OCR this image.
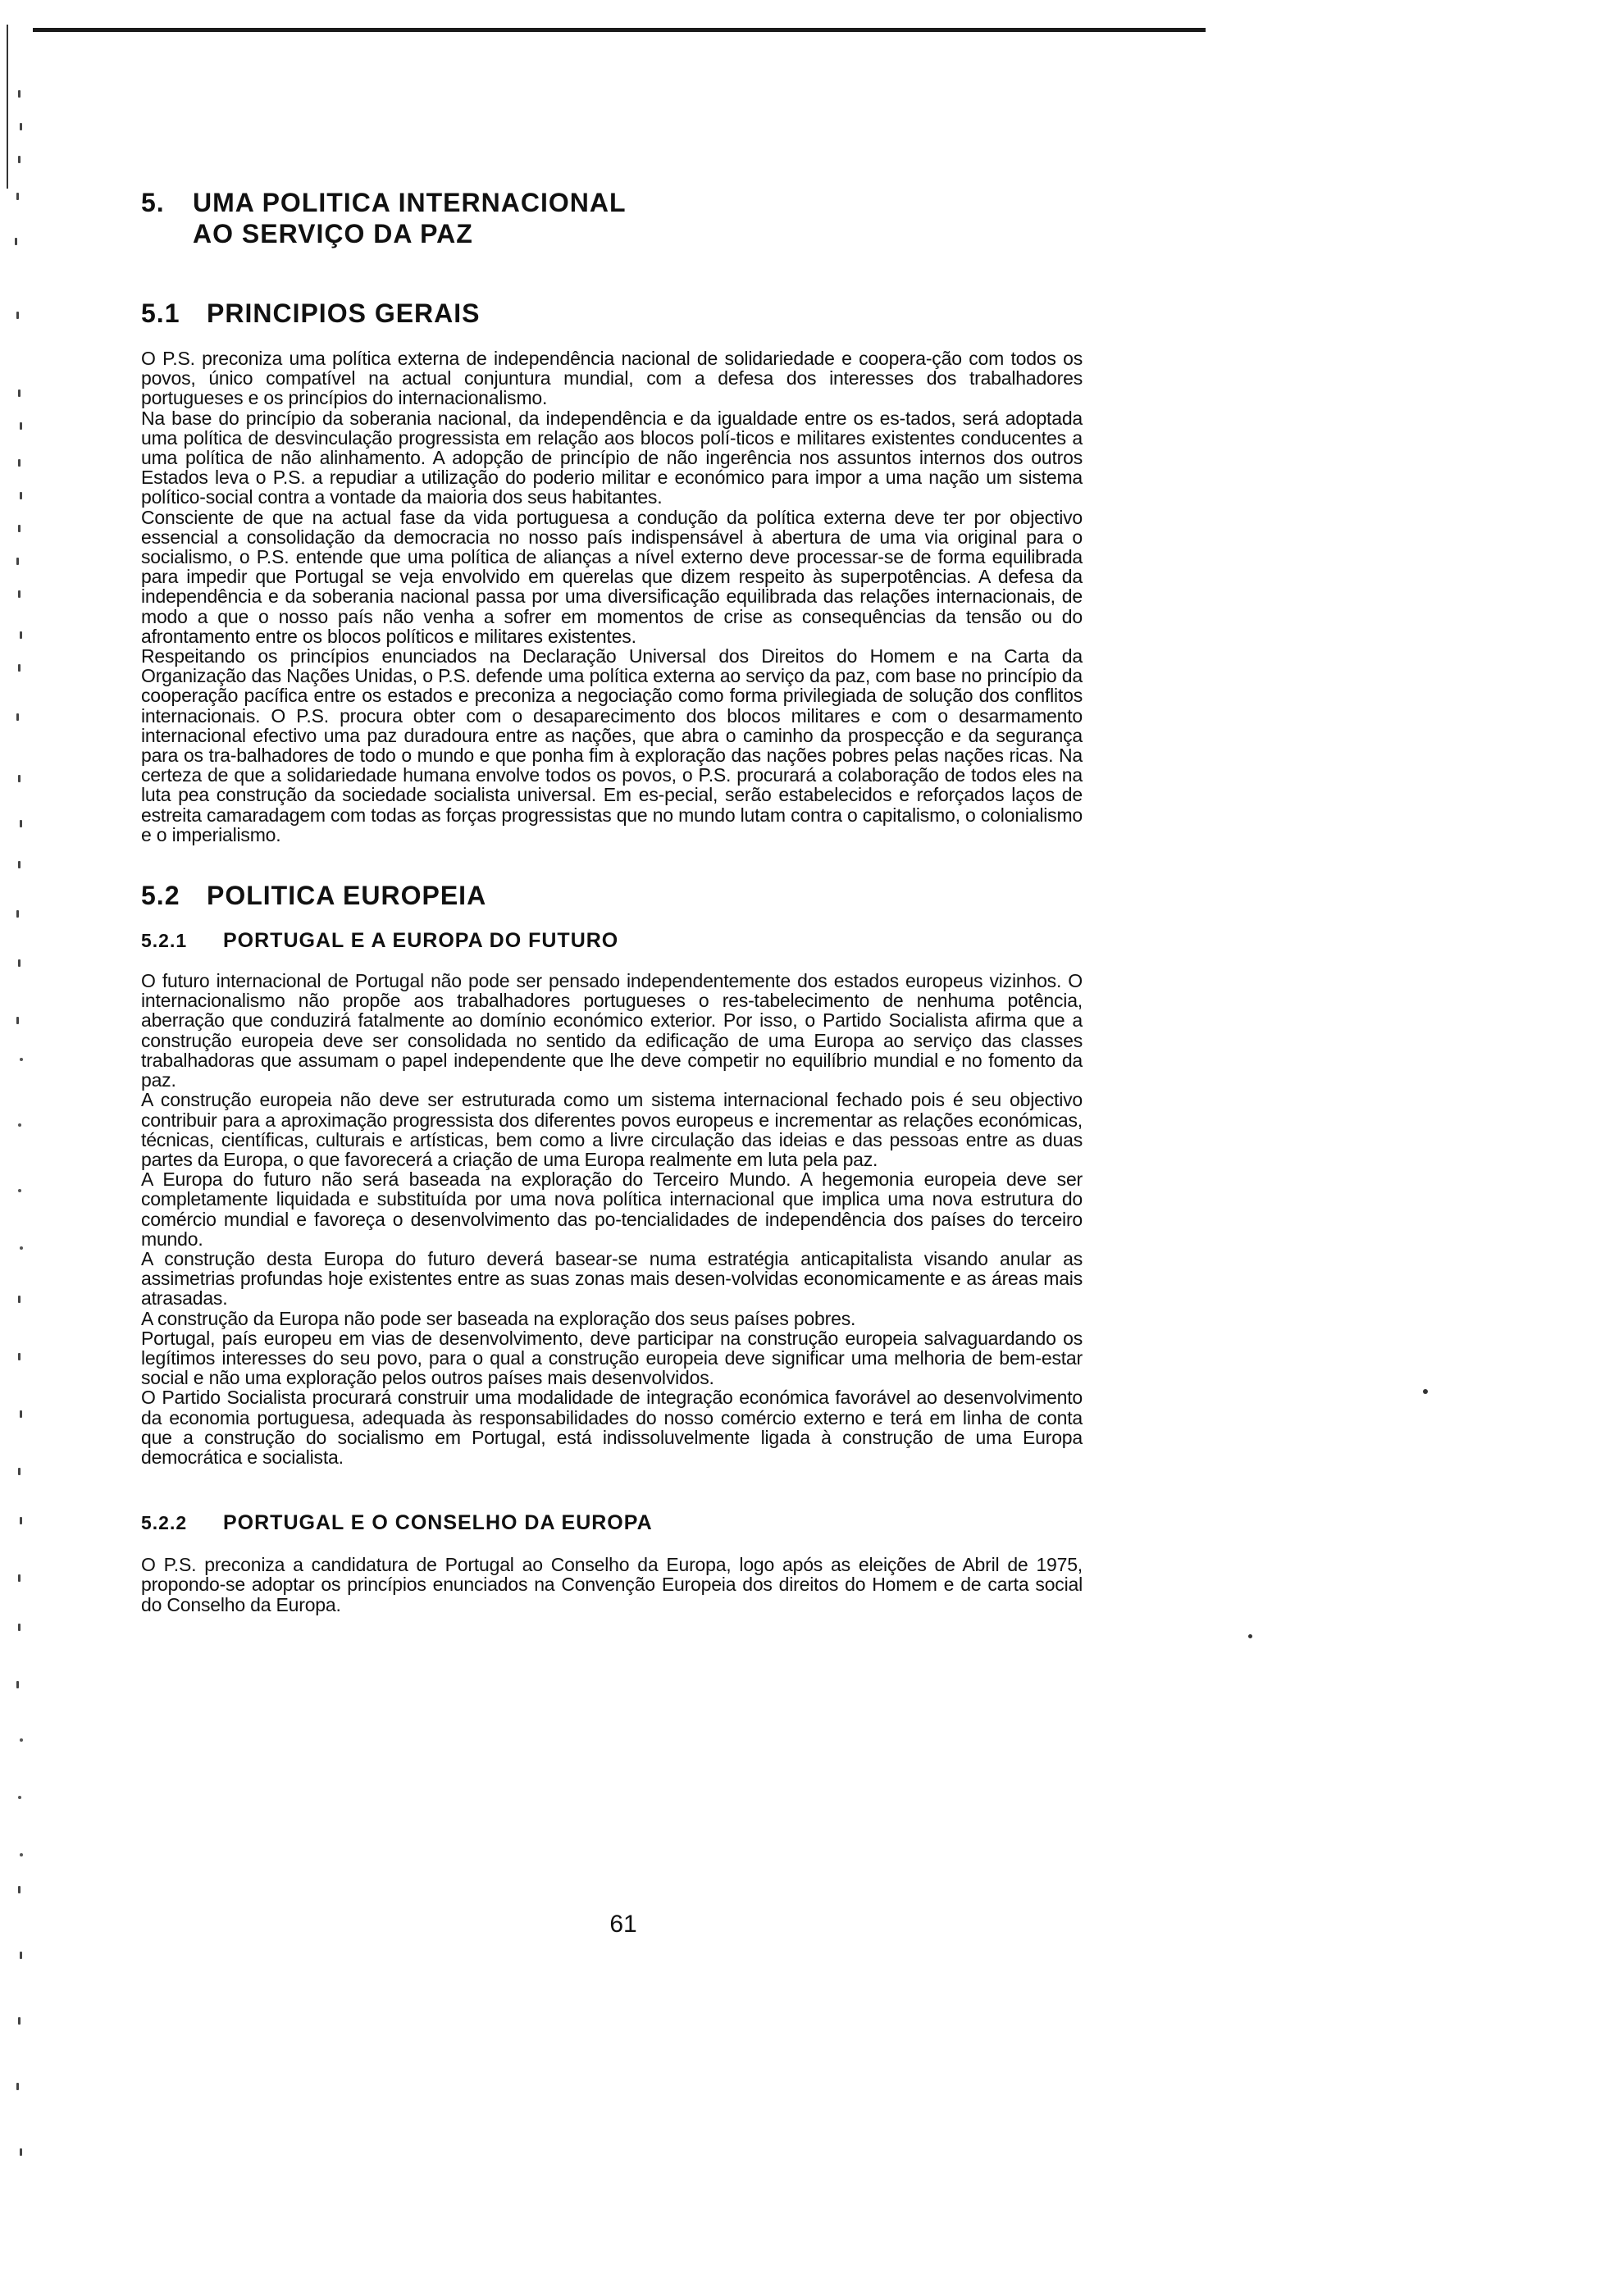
5. UMA POLITICA INTERNACIONAL
AO SERVIÇO DA PAZ
5.1 PRINCIPIOS GERAIS

O P.S. preconiza uma política externa de independência nacional de solidariedade e coopera-ção com todos os povos, único compatível na actual conjuntura mundial, com a defesa dos interesses dos trabalhadores portugueses e os princípios do internacionalismo.

Na base do princípio da soberania nacional, da independência e da igualdade entre os es-tados, será adoptada uma política de desvinculação progressista em relação aos blocos polí-ticos e militares existentes conducentes a uma política de não alinhamento. A adopção de princípio de não ingerência nos assuntos internos dos outros Estados leva o P.S. a repudiar a utilização do poderio militar e económico para impor a uma nação um sistema político-social contra a vontade da maioria dos seus habitantes.

Consciente de que na actual fase da vida portuguesa a condução da política externa deve ter por objectivo essencial a consolidação da democracia no nosso país indispensável à abertura de uma via original para o socialismo, o P.S. entende que uma política de alianças a nível externo deve processar-se de forma equilibrada para impedir que Portugal se veja envolvido em querelas que dizem respeito às superpotências. A defesa da independência e da soberania nacional passa por uma diversificação equilibrada das relações internacionais, de modo a que o nosso país não venha a sofrer em momentos de crise as consequências da tensão ou do afrontamento entre os blocos políticos e militares existentes.

Respeitando os princípios enunciados na Declaração Universal dos Direitos do Homem e na Carta da Organização das Nações Unidas, o P.S. defende uma política externa ao serviço da paz, com base no princípio da cooperação pacífica entre os estados e preconiza a negociação como forma privilegiada de solução dos conflitos internacionais. O P.S. procura obter com o desaparecimento dos blocos militares e com o desarmamento internacional efectivo uma paz duradoura entre as nações, que abra o caminho da prospecção e da segurança para os tra-balhadores de todo o mundo e que ponha fim à exploração das nações pobres pelas nações ricas. Na certeza de que a solidariedade humana envolve todos os povos, o P.S. procurará a colaboração de todos eles na luta pea construção da sociedade socialista universal. Em es-pecial, serão estabelecidos e reforçados laços de estreita camaradagem com todas as forças progressistas que no mundo lutam contra o capitalismo, o colonialismo e o imperialismo.

5.2 POLITICA EUROPEIA
5.2.1 PORTUGAL E A EUROPA DO FUTURO

O futuro internacional de Portugal não pode ser pensado independentemente dos estados europeus vizinhos. O internacionalismo não propõe aos trabalhadores portugueses o res-tabelecimento de nenhuma potência, aberração que conduzirá fatalmente ao domínio económico exterior. Por isso, o Partido Socialista afirma que a construção europeia deve ser consolidada no sentido da edificação de uma Europa ao serviço das classes trabalhadoras que assumam o papel independente que lhe deve competir no equilíbrio mundial e no fomento da paz.

A construção europeia não deve ser estruturada como um sistema internacional fechado pois é seu objectivo contribuir para a aproximação progressista dos diferentes povos europeus e incrementar as relações económicas, técnicas, científicas, culturais e artísticas, bem como a livre circulação das ideias e das pessoas entre as duas partes da Europa, o que favorecerá a criação de uma Europa realmente em luta pela paz.

A Europa do futuro não será baseada na exploração do Terceiro Mundo. A hegemonia europeia deve ser completamente liquidada e substituída por uma nova política internacional que implica uma nova estrutura do comércio mundial e favoreça o desenvolvimento das po-tencialidades de independência dos países do terceiro mundo.

A construção desta Europa do futuro deverá basear-se numa estratégia anticapitalista visando anular as assimetrias profundas hoje existentes entre as suas zonas mais desen-volvidas economicamente e as áreas mais atrasadas.

A construção da Europa não pode ser baseada na exploração dos seus países pobres.

Portugal, país europeu em vias de desenvolvimento, deve participar na construção europeia salvaguardando os legítimos interesses do seu povo, para o qual a construção europeia deve significar uma melhoria de bem-estar social e não uma exploração pelos outros países mais desenvolvidos.

O Partido Socialista procurará construir uma modalidade de integração económica favorável ao desenvolvimento da economia portuguesa, adequada às responsabilidades do nosso comércio externo e terá em linha de conta que a construção do socialismo em Portugal, está indissoluvelmente ligada à construção de uma Europa democrática e socialista.

5.2.2 PORTUGAL E O CONSELHO DA EUROPA

O P.S. preconiza a candidatura de Portugal ao Conselho da Europa, logo após as eleições de Abril de 1975, propondo-se adoptar os princípios enunciados na Convenção Europeia dos direitos do Homem e de carta social do Conselho da Europa.

61
